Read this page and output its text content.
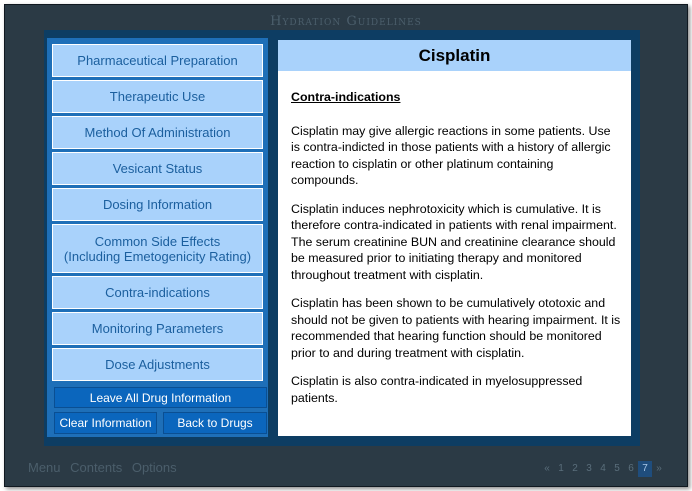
Hydration Guidelines
Pharmaceutical Preparation
Therapeutic Use
Method Of Administration
Vesicant Status
Dosing Information
Common Side Effects
(Including Emetogenicity Rating)
Contra-indications
Monitoring Parameters
Dose Adjustments
Leave All Drug Information
Clear Information	Back to Drugs
Cisplatin

Contra-indications

Cisplatin may give allergic reactions in some patients. Use is contra-indicted in those patients with a history of allergic reaction to cisplatin or other platinum containing compounds.

Cisplatin induces nephrotoxicity which is cumulative. It is therefore contra-indicated in patients with renal impairment. The serum creatinine BUN and creatinine clearance should be measured prior to initiating therapy and monitored throughout treatment with cisplatin.

Cisplatin has been shown to be cumulatively ototoxic and should not be given to patients with hearing impairment. It is recommended that hearing function should be monitored prior to and during treatment with cisplatin.

Cisplatin is also contra-indicated in myelosuppressed patients.

Menu Contents Options	« 1 2 3 4 5 6 7 »
